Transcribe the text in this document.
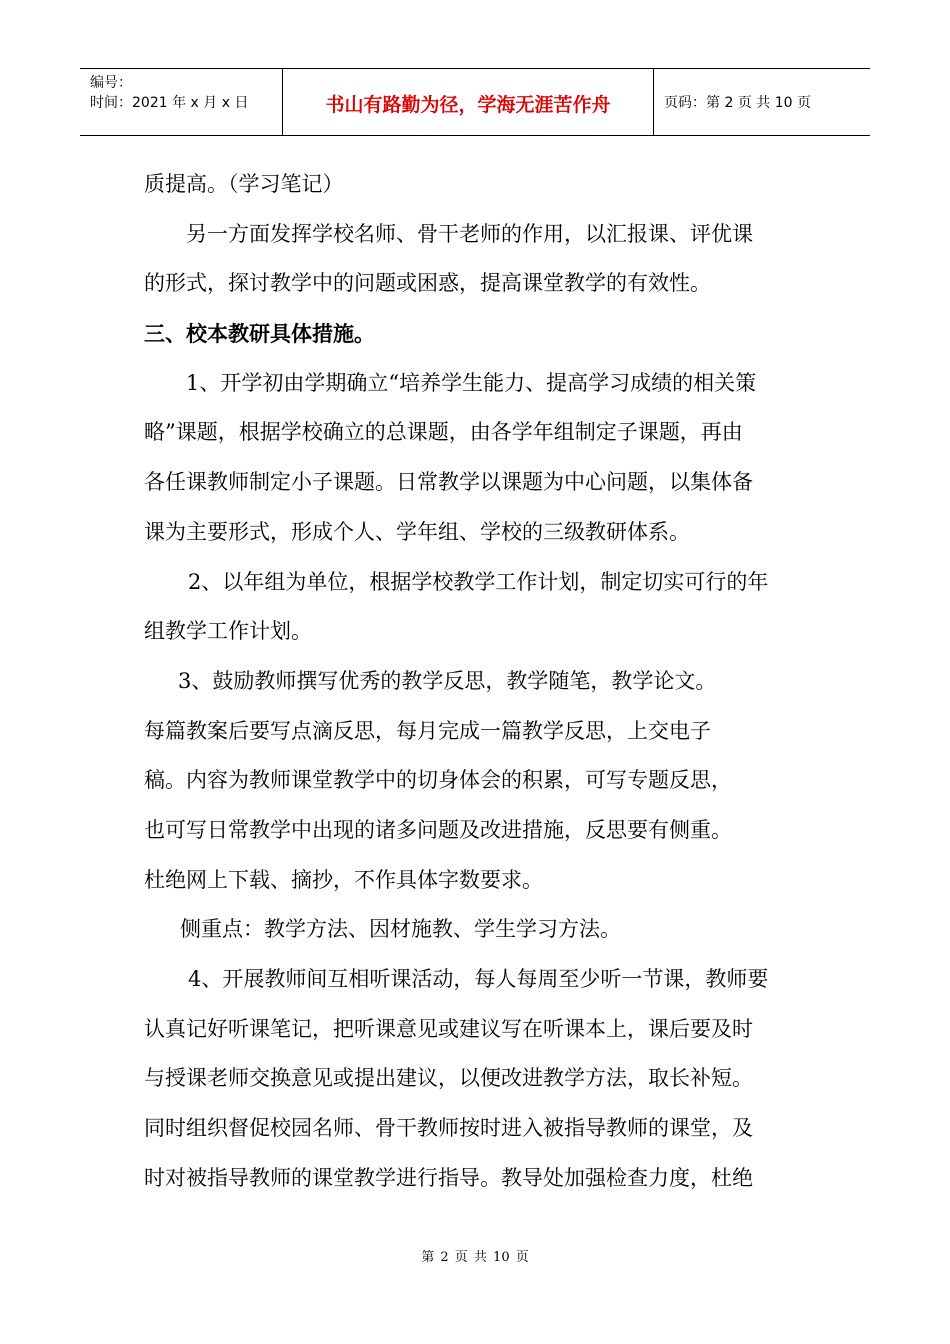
编号：
时间：2021 年 x 月 x 日	书山有路勤为径，学海无涯苦作舟	页码：第 2 页 共 10 页
质提高。（学习笔记）
另一方面发挥学校名师、骨干老师的作用，以汇报课、评优课
的形式，探讨教学中的问题或困惑，提高课堂教学的有效性。
三、校本教研具体措施。
1、开学初由学期确立“培养学生能力、提高学习成绩的相关策
略”课题，根据学校确立的总课题，由各学年组制定子课题，再由
各任课教师制定小子课题。日常教学以课题为中心问题，以集体备
课为主要形式，形成个人、学年组、学校的三级教研体系。
2、以年组为单位，根据学校教学工作计划，制定切实可行的年
组教学工作计划。
3、鼓励教师撰写优秀的教学反思，教学随笔，教学论文。
每篇教案后要写点滴反思，每月完成一篇教学反思，上交电子
稿。内容为教师课堂教学中的切身体会的积累，可写专题反思，
也可写日常教学中出现的诸多问题及改进措施，反思要有侧重。
杜绝网上下载、摘抄，不作具体字数要求。
侧重点：教学方法、因材施教、学生学习方法。
4、开展教师间互相听课活动，每人每周至少听一节课，教师要
认真记好听课笔记，把听课意见或建议写在听课本上，课后要及时
与授课老师交换意见或提出建议，以便改进教学方法，取长补短。
同时组织督促校园名师、骨干教师按时进入被指导教师的课堂，及
时对被指导教师的课堂教学进行指导。教导处加强检查力度，杜绝
第 2 页 共 10 页
